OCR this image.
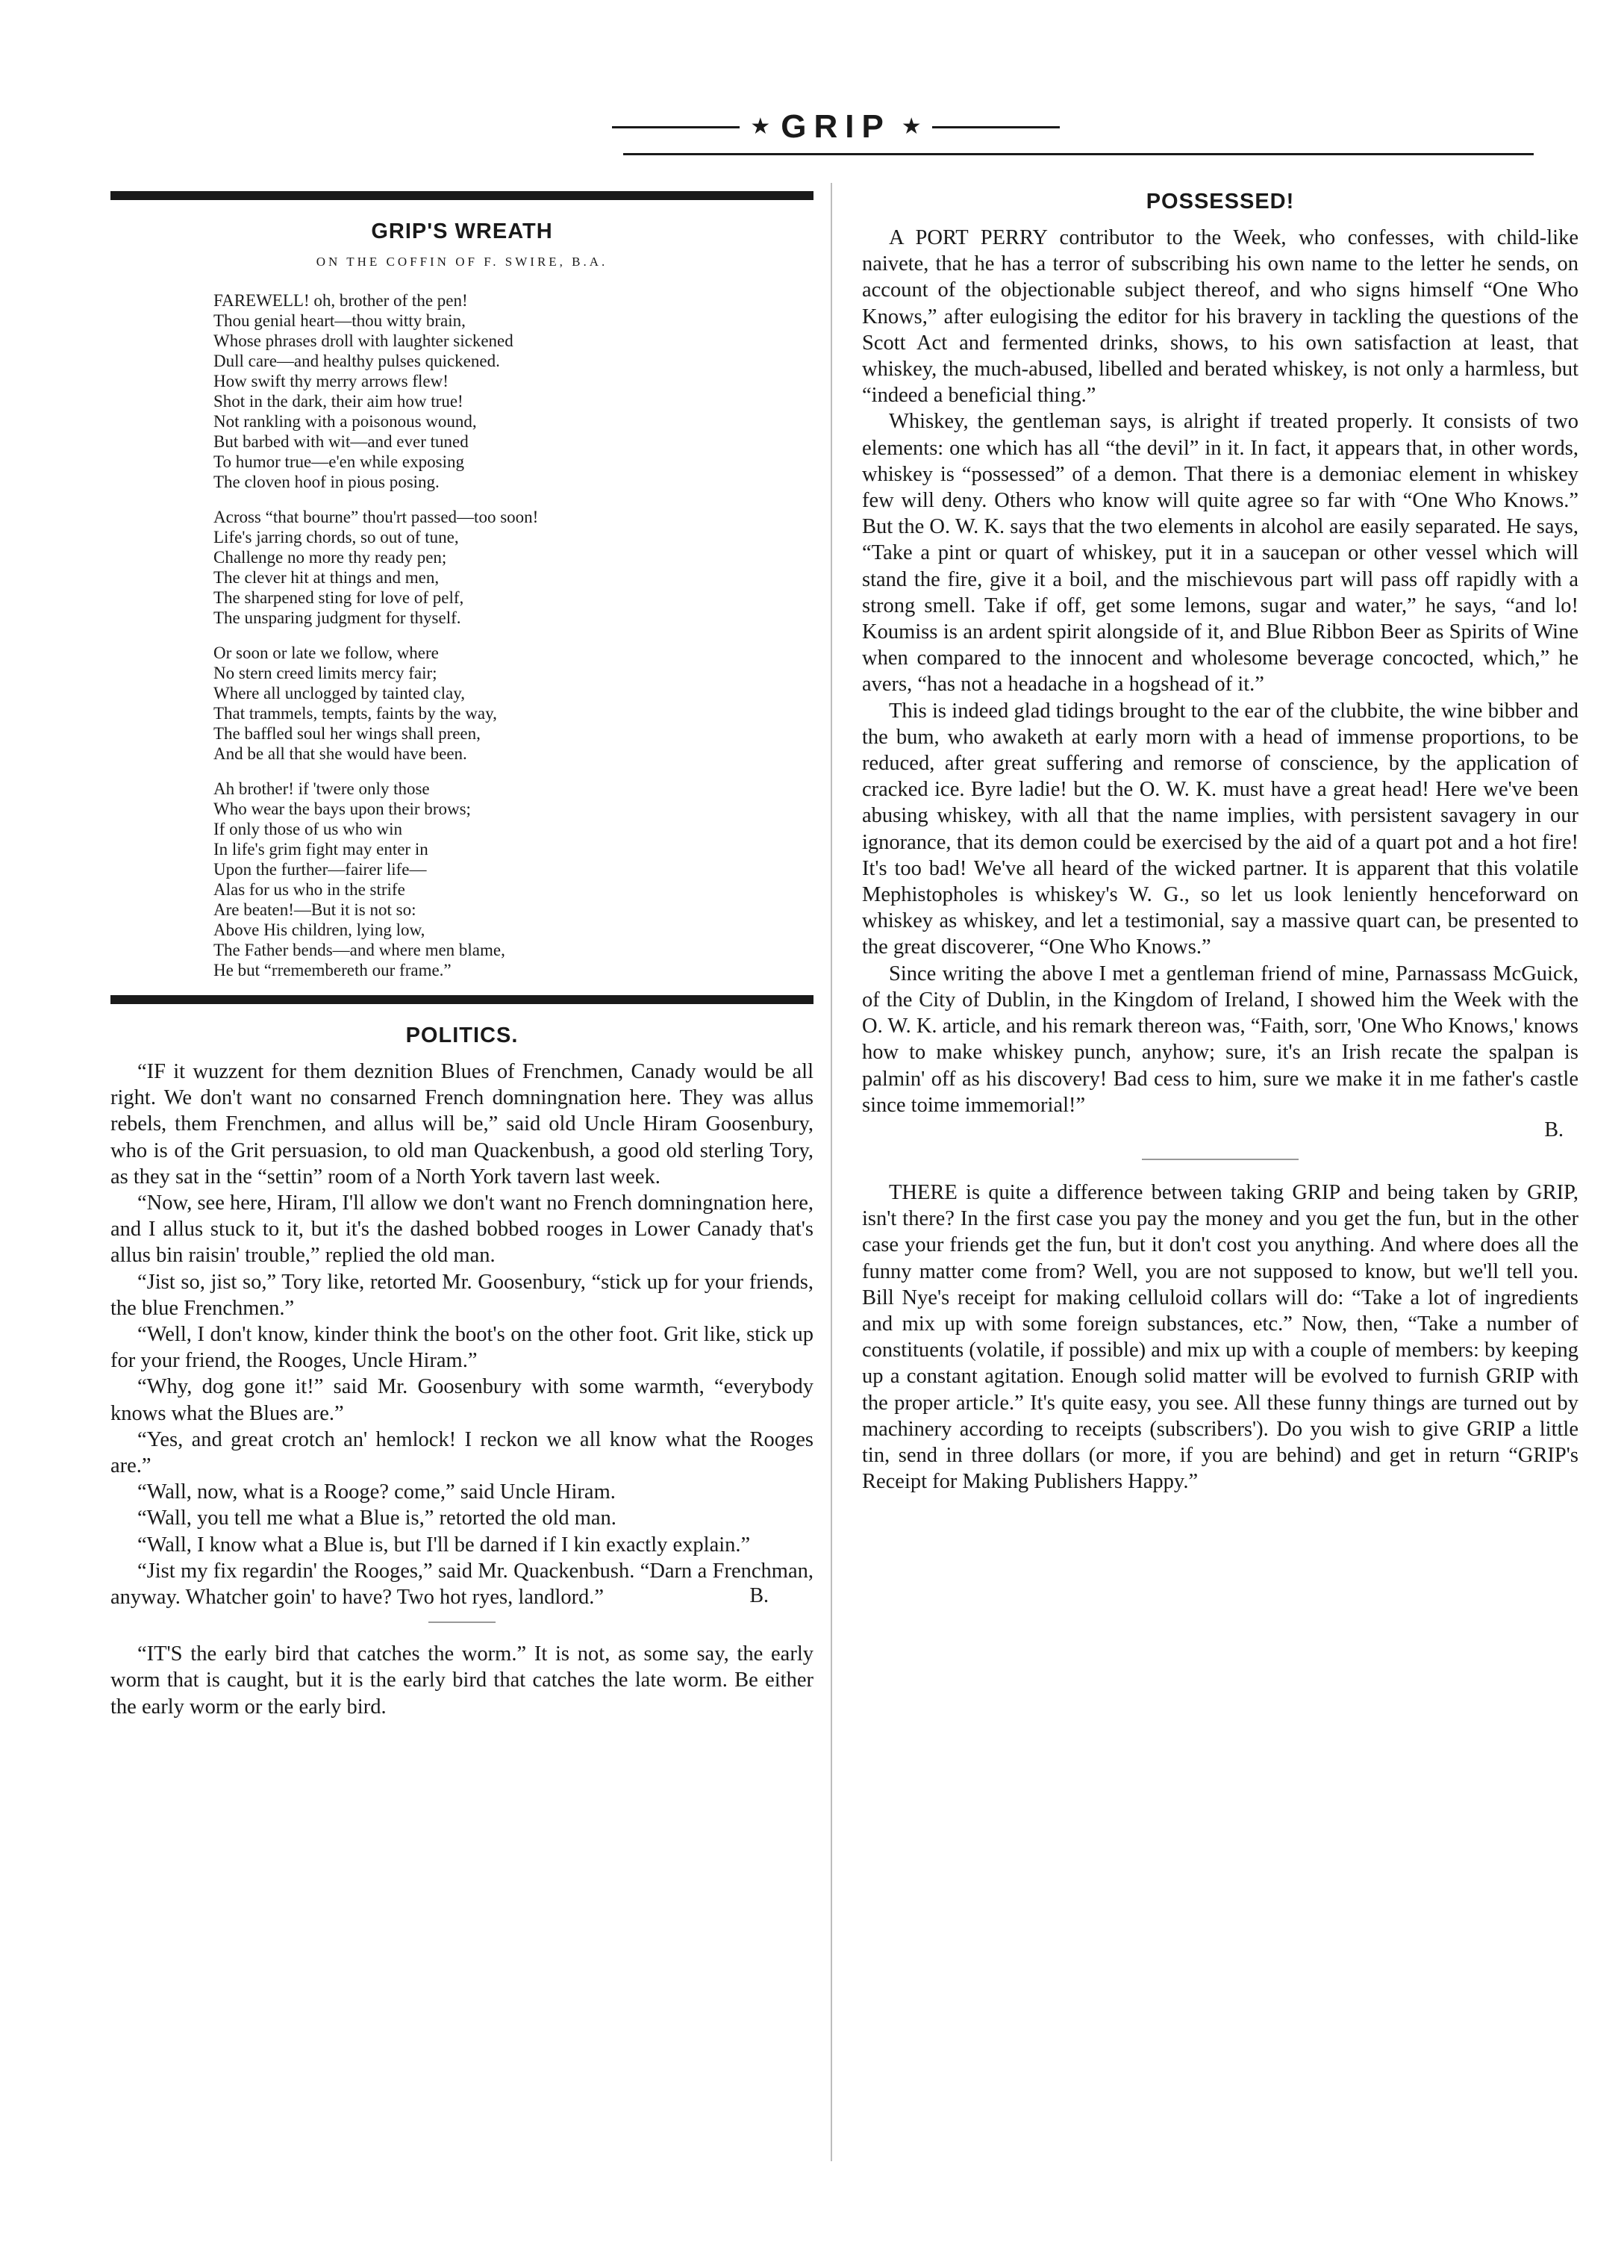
★ GRIP ★
GRIP'S WREATH
ON THE COFFIN OF F. SWIRE, B.A.
FAREWELL! oh, brother of the pen!
Thou genial heart—thou witty brain,
Whose phrases droll with laughter sickened
Dull care—and healthy pulses quickened.
How swift thy merry arrows flew!
Shot in the dark, their aim how true!
Not rankling with a poisonous wound,
But barbed with wit—and ever tuned
To humor true—e'en while exposing
The cloven hoof in pious posing.
Across “that bourne” thou'rt passed—too soon!
Life's jarring chords, so out of tune,
Challenge no more thy ready pen;
The clever hit at things and men,
The sharpened sting for love of pelf,
The unsparing judgment for thyself.
Or soon or late we follow, where
No stern creed limits mercy fair;
Where all unclogged by tainted clay,
That trammels, tempts, faints by the way,
The baffled soul her wings shall preen,
And be all that she would have been.
Ah brother! if 'twere only those
Who wear the bays upon their brows;
If only those of us who win
In life's grim fight may enter in
Upon the further—fairer life—
Alas for us who in the strife
Are beaten!—But it is not so:
Above His children, lying low,
The Father bends—and where men blame,
He but “rremembereth our frame.”
POLITICS.

“IF it wuzzent for them deznition Blues of Frenchmen, Canady would be all right. We don't want no consarned French domningnation here. They was allus rebels, them Frenchmen, and allus will be,” said old Uncle Hiram Goosenbury, who is of the Grit persuasion, to old man Quackenbush, a good old sterling Tory, as they sat in the “settin” room of a North York tavern last week.

“Now, see here, Hiram, I'll allow we don't want no French domningnation here, and I allus stuck to it, but it's the dashed bobbed rooges in Lower Canady that's allus bin raisin' trouble,” replied the old man.

“Jist so, jist so,” Tory like, retorted Mr. Goosenbury, “stick up for your friends, the blue Frenchmen.”

“Well, I don't know, kinder think the boot's on the other foot. Grit like, stick up for your friend, the Rooges, Uncle Hiram.”

“Why, dog gone it!” said Mr. Goosenbury with some warmth, “everybody knows what the Blues are.”

“Yes, and great crotch an' hemlock! I reckon we all know what the Rooges are.”

“Wall, now, what is a Rooge? come,” said Uncle Hiram.

“Wall, you tell me what a Blue is,” retorted the old man.

“Wall, I know what a Blue is, but I'll be darned if I kin exactly explain.”

“Jist my fix regardin' the Rooges,” said Mr. Quackenbush. “Darn a Frenchman, anyway. Whatcher goin' to have? Two hot ryes, landlord.”	B.

“IT'S the early bird that catches the worm.” It is not, as some say, the early worm that is caught, but it is the early bird that catches the late worm. Be either the early worm or the early bird.

POSSESSED!

A PORT PERRY contributor to the Week, who confesses, with child-like naivete, that he has a terror of subscribing his own name to the letter he sends, on account of the objectionable subject thereof, and who signs himself “One Who Knows,” after eulogising the editor for his bravery in tackling the questions of the Scott Act and fermented drinks, shows, to his own satisfaction at least, that whiskey, the much-abused, libelled and berated whiskey, is not only a harmless, but “indeed a beneficial thing.”

Whiskey, the gentleman says, is alright if treated properly. It consists of two elements: one which has all “the devil” in it. In fact, it appears that, in other words, whiskey is “possessed” of a demon. That there is a demoniac element in whiskey few will deny. Others who know will quite agree so far with “One Who Knows.” But the O. W. K. says that the two elements in alcohol are easily separated. He says, “Take a pint or quart of whiskey, put it in a saucepan or other vessel which will stand the fire, give it a boil, and the mischievous part will pass off rapidly with a strong smell. Take if off, get some lemons, sugar and water,” he says, “and lo! Koumiss is an ardent spirit alongside of it, and Blue Ribbon Beer as Spirits of Wine when compared to the innocent and wholesome beverage concocted, which,” he avers, “has not a headache in a hogshead of it.”

This is indeed glad tidings brought to the ear of the clubbite, the wine bibber and the bum, who awaketh at early morn with a head of immense proportions, to be reduced, after great suffering and remorse of conscience, by the application of cracked ice. Byre ladie! but the O. W. K. must have a great head! Here we've been abusing whiskey, with all that the name implies, with persistent savagery in our ignorance, that its demon could be exercised by the aid of a quart pot and a hot fire! It's too bad! We've all heard of the wicked partner. It is apparent that this volatile Mephistopholes is whiskey's W. G., so let us look leniently henceforward on whiskey as whiskey, and let a testimonial, say a massive quart can, be presented to the great discoverer, “One Who Knows.”

Since writing the above I met a gentleman friend of mine, Parnassass McGuick, of the City of Dublin, in the Kingdom of Ireland, I showed him the Week with the O. W. K. article, and his remark thereon was, “Faith, sorr, 'One Who Knows,' knows how to make whiskey punch, anyhow; sure, it's an Irish recate the spalpan is palmin' off as his discovery! Bad cess to him, sure we make it in me father's castle since toime immemorial!”

B.

THERE is quite a difference between taking GRIP and being taken by GRIP, isn't there? In the first case you pay the money and you get the fun, but in the other case your friends get the fun, but it don't cost you anything. And where does all the funny matter come from? Well, you are not supposed to know, but we'll tell you. Bill Nye's receipt for making celluloid collars will do: “Take a lot of ingredients and mix up with some foreign substances, etc.” Now, then, “Take a number of constituents (volatile, if possible) and mix up with a couple of members: by keeping up a constant agitation. Enough solid matter will be evolved to furnish GRIP with the proper article.” It's quite easy, you see. All these funny things are turned out by machinery according to receipts (subscribers'). Do you wish to give GRIP a little tin, send in three dollars (or more, if you are behind) and get in return “GRIP's Receipt for Making Publishers Happy.”
